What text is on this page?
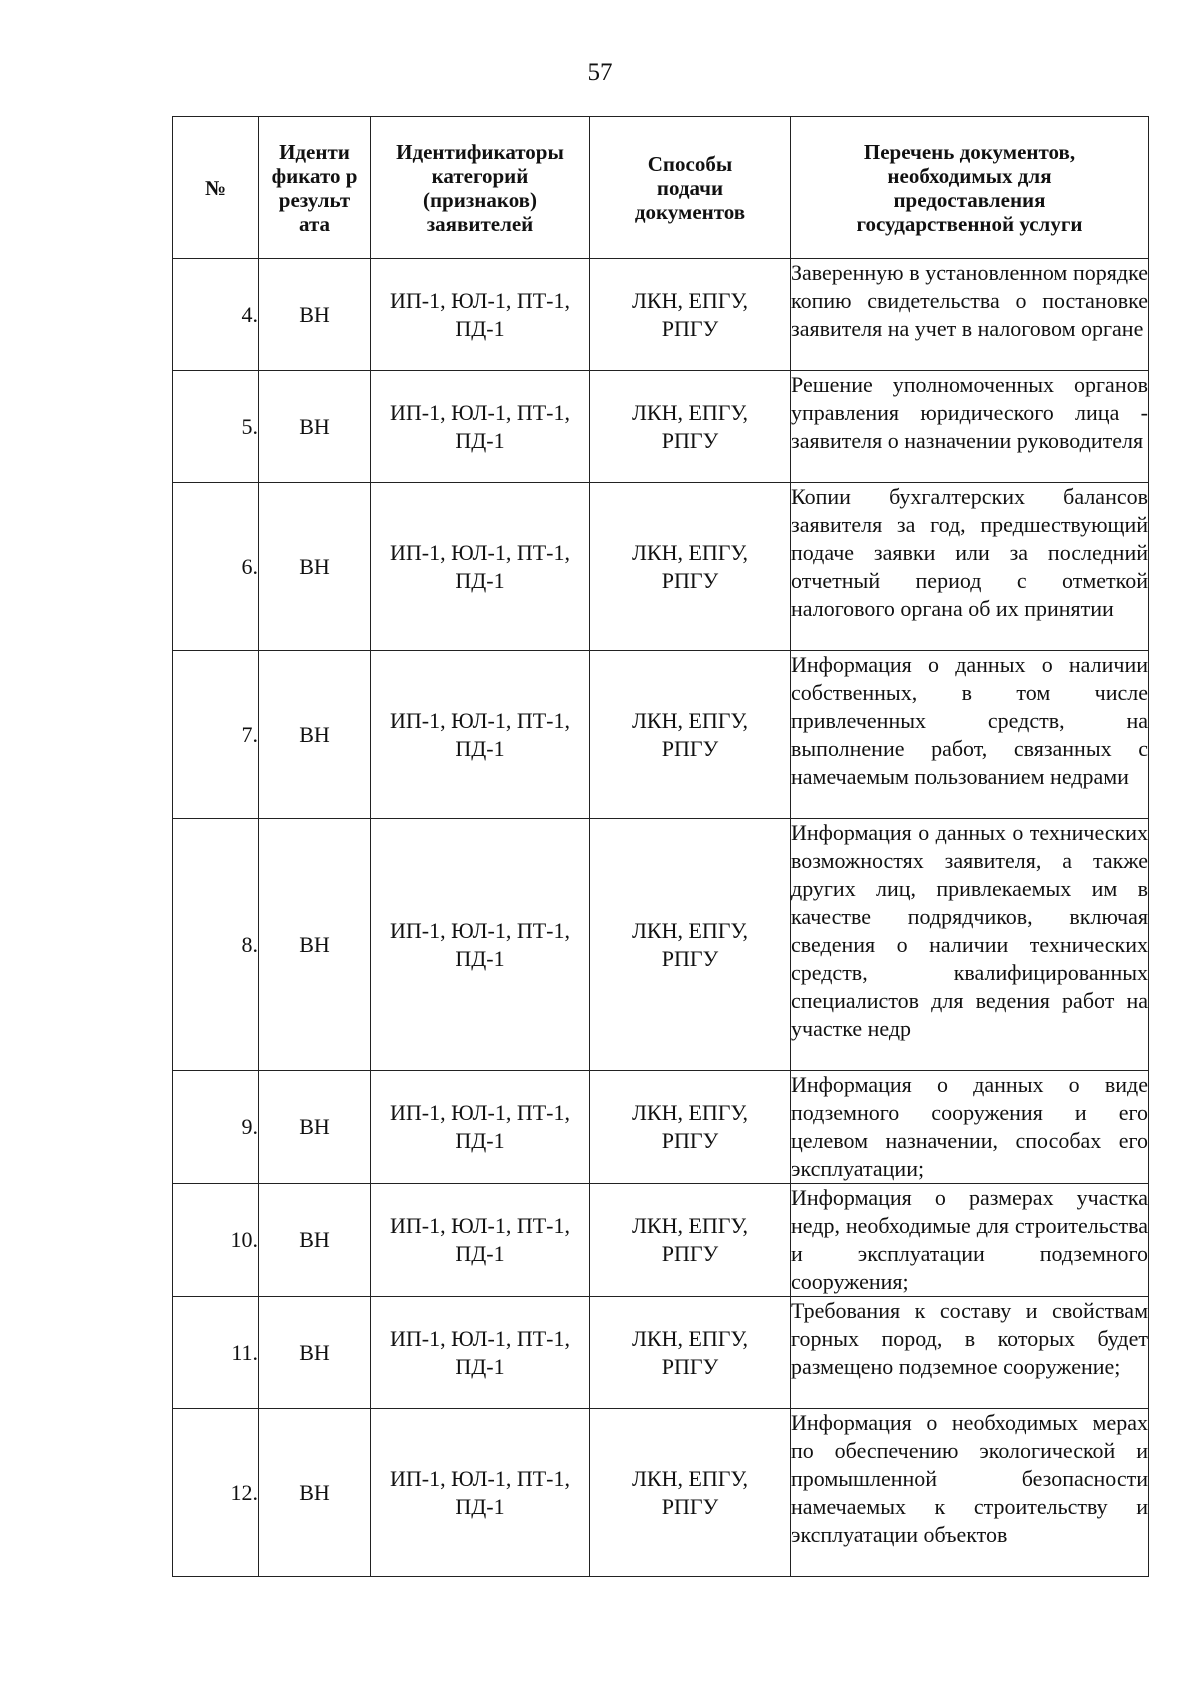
57
№	Иденти фикато р результ ата	Идентификаторы категорий (признаков) заявителей	Способы подачи документов	Перечень документов, необходимых для предоставления государственной услуги
4.	ВН	ИП-1, ЮЛ-1, ПТ-1, ПД-1	ЛКН, ЕПГУ, РПГУ	Заверенную в установленном порядке копию свидетельства о постановке заявителя на учет в налоговом органе
5.	ВН	ИП-1, ЮЛ-1, ПТ-1, ПД-1	ЛКН, ЕПГУ, РПГУ	Решение уполномоченных органов управления юридического лица - заявителя о назначении руководителя
6.	ВН	ИП-1, ЮЛ-1, ПТ-1, ПД-1	ЛКН, ЕПГУ, РПГУ	Копии бухгалтерских балансов заявителя за год, предшествующий подаче заявки или за последний отчетный период с отметкой налогового органа об их принятии
7.	ВН	ИП-1, ЮЛ-1, ПТ-1, ПД-1	ЛКН, ЕПГУ, РПГУ	Информация о данных о наличии собственных, в том числе привлеченных средств, на выполнение работ, связанных с намечаемым пользованием недрами
8.	ВН	ИП-1, ЮЛ-1, ПТ-1, ПД-1	ЛКН, ЕПГУ, РПГУ	Информация о данных о технических возможностях заявителя, а также других лиц, привлекаемых им в качестве подрядчиков, включая сведения о наличии технических средств, квалифицированных специалистов для ведения работ на участке недр
9.	ВН	ИП-1, ЮЛ-1, ПТ-1, ПД-1	ЛКН, ЕПГУ, РПГУ	Информация о данных о виде подземного сооружения и его целевом назначении, способах его эксплуатации;
10.	ВН	ИП-1, ЮЛ-1, ПТ-1, ПД-1	ЛКН, ЕПГУ, РПГУ	Информация о размерах участка недр, необходимые для строительства и эксплуатации подземного сооружения;
11.	ВН	ИП-1, ЮЛ-1, ПТ-1, ПД-1	ЛКН, ЕПГУ, РПГУ	Требования к составу и свойствам горных пород, в которых будет размещено подземное сооружение;
12.	ВН	ИП-1, ЮЛ-1, ПТ-1, ПД-1	ЛКН, ЕПГУ, РПГУ	Информация о необходимых мерах по обеспечению экологической и промышленной безопасности намечаемых к строительству и эксплуатации объектов
